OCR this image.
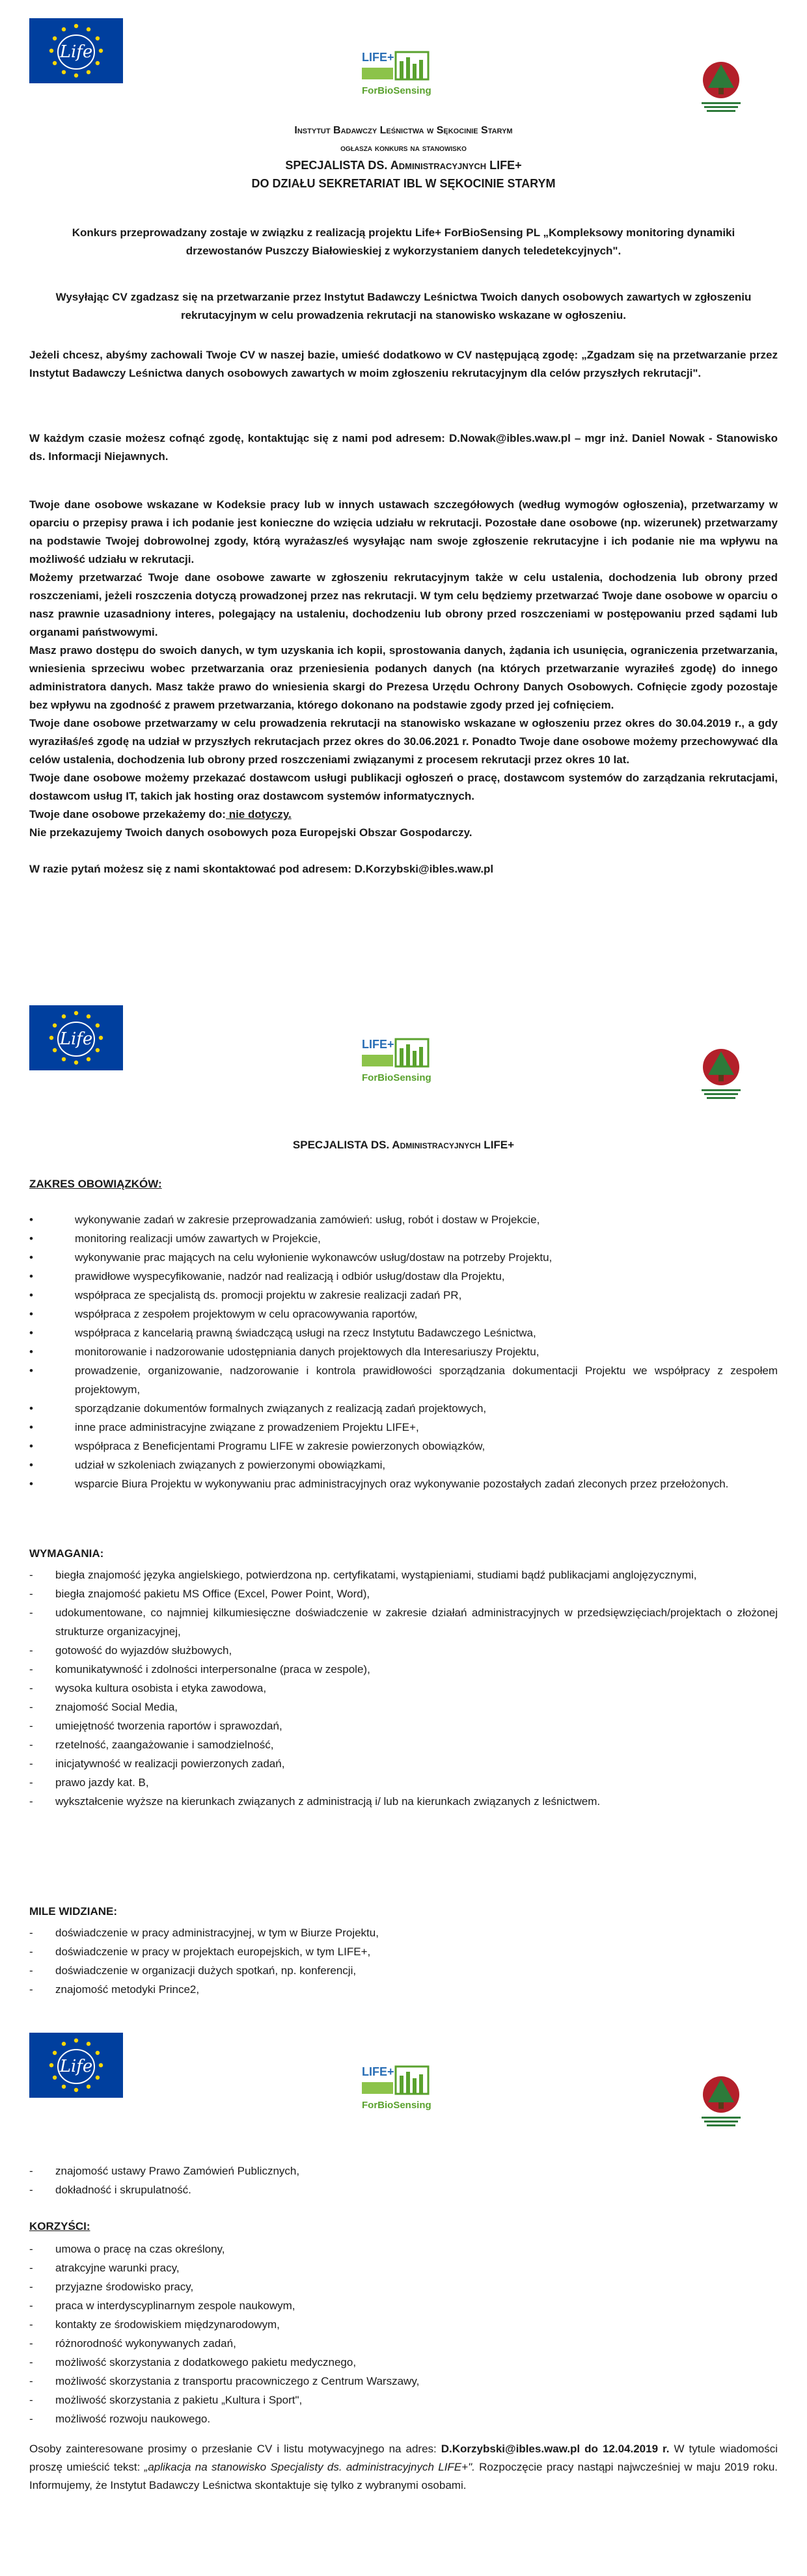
Life	LIFE+
ForBioSensing
Instytut Badawczy Leśnictwa w Sękocinie Starym
ogłasza konkurs na stanowisko
SPECJALISTA DS. Administracyjnych LIFE+
DO DZIAŁU SEKRETARIAT IBL W SĘKOCINIE STARYM
Konkurs przeprowadzany zostaje w związku z realizacją projektu Life+ ForBioSensing PL „Kompleksowy monitoring dynamiki drzewostanów Puszczy Białowieskiej z wykorzystaniem danych teledetekcyjnych".
Wysyłając CV zgadzasz się na przetwarzanie przez Instytut Badawczy Leśnictwa Twoich danych osobowych zawartych w zgłoszeniu rekrutacyjnym w celu prowadzenia rekrutacji na stanowisko wskazane w ogłoszeniu.
Jeżeli chcesz, abyśmy zachowali Twoje CV w naszej bazie, umieść dodatkowo w CV następującą zgodę: „Zgadzam się na przetwarzanie przez Instytut Badawczy Leśnictwa danych osobowych zawartych w moim zgłoszeniu rekrutacyjnym dla celów przyszłych rekrutacji".
W każdym czasie możesz cofnąć zgodę, kontaktując się z nami pod adresem: D.Nowak@ibles.waw.pl – mgr inż. Daniel Nowak - Stanowisko ds. Informacji Niejawnych.
Twoje dane osobowe wskazane w Kodeksie pracy lub w innych ustawach szczegółowych (według wymogów ogłoszenia), przetwarzamy w oparciu o przepisy prawa i ich podanie jest konieczne do wzięcia udziału w rekrutacji. Pozostałe dane osobowe (np. wizerunek) przetwarzamy na podstawie Twojej dobrowolnej zgody, którą wyrażasz/eś wysyłając nam swoje zgłoszenie rekrutacyjne i ich podanie nie ma wpływu na możliwość udziału w rekrutacji.
Możemy przetwarzać Twoje dane osobowe zawarte w zgłoszeniu rekrutacyjnym także w celu ustalenia, dochodzenia lub obrony przed roszczeniami, jeżeli roszczenia dotyczą prowadzonej przez nas rekrutacji. W tym celu będziemy przetwarzać Twoje dane osobowe w oparciu o nasz prawnie uzasadniony interes, polegający na ustaleniu, dochodzeniu lub obrony przed roszczeniami w postępowaniu przed sądami lub organami państwowymi.
Masz prawo dostępu do swoich danych, w tym uzyskania ich kopii, sprostowania danych, żądania ich usunięcia, ograniczenia przetwarzania, wniesienia sprzeciwu wobec przetwarzania oraz przeniesienia podanych danych (na których przetwarzanie wyraziłeś zgodę) do innego administratora danych. Masz także prawo do wniesienia skargi do Prezesa Urzędu Ochrony Danych Osobowych. Cofnięcie zgody pozostaje bez wpływu na zgodność z prawem przetwarzania, którego dokonano na podstawie zgody przed jej cofnięciem.
Twoje dane osobowe przetwarzamy w celu prowadzenia rekrutacji na stanowisko wskazane w ogłoszeniu przez okres do 30.04.2019 r., a gdy wyraziłaś/eś zgodę na udział w przyszłych rekrutacjach przez okres do 30.06.2021 r. Ponadto Twoje dane osobowe możemy przechowywać dla celów ustalenia, dochodzenia lub obrony przed roszczeniami związanymi z procesem rekrutacji przez okres 10 lat.
Twoje dane osobowe możemy przekazać dostawcom usługi publikacji ogłoszeń o pracę, dostawcom systemów do zarządzania rekrutacjami, dostawcom usług IT, takich jak hosting oraz dostawcom systemów informatycznych.
Twoje dane osobowe przekażemy do: nie dotyczy.
Nie przekazujemy Twoich danych osobowych poza Europejski Obszar Gospodarczy.
W razie pytań możesz się z nami skontaktować pod adresem: D.Korzybski@ibles.waw.pl
Life	LIFE+
ForBioSensing
SPECJALISTA DS. Administracyjnych LIFE+
ZAKRES OBOWIĄZKÓW:
•	wykonywanie zadań w zakresie przeprowadzania zamówień: usług, robót i dostaw w Projekcie,
•	monitoring realizacji umów zawartych w Projekcie,
•	wykonywanie prac mających na celu wyłonienie wykonawców usług/dostaw na potrzeby Projektu,
•	prawidłowe wyspecyfikowanie, nadzór nad realizacją i odbiór usług/dostaw dla Projektu,
•	współpraca ze specjalistą ds. promocji projektu w zakresie realizacji zadań PR,
•	współpraca z zespołem projektowym w celu opracowywania raportów,
•	współpraca z kancelarią prawną świadczącą usługi na rzecz Instytutu Badawczego Leśnictwa,
•	monitorowanie i nadzorowanie udostępniania danych projektowych dla Interesariuszy Projektu,
•	prowadzenie, organizowanie, nadzorowanie i kontrola prawidłowości sporządzania dokumentacji Projektu we współpracy z zespołem projektowym,
•	sporządzanie dokumentów formalnych związanych z realizacją zadań projektowych,
•	inne prace administracyjne związane z prowadzeniem Projektu LIFE+,
•	współpraca z Beneficjentami Programu LIFE w zakresie powierzonych obowiązków,
•	udział w szkoleniach związanych z powierzonymi obowiązkami,
•	wsparcie Biura Projektu w wykonywaniu prac administracyjnych oraz wykonywanie pozostałych zadań zleconych przez przełożonych.
WYMAGANIA:
- biegła znajomość języka angielskiego, potwierdzona np. certyfikatami, wystąpieniami, studiami bądź publikacjami anglojęzycznymi,
- biegła znajomość pakietu MS Office (Excel, Power Point, Word),
- udokumentowane, co najmniej kilkumiesięczne doświadczenie w zakresie działań administracyjnych w przedsięwzięciach/projektach o złożonej strukturze organizacyjnej,
- gotowość do wyjazdów służbowych,
- komunikatywność i zdolności interpersonalne (praca w zespole),
- wysoka kultura osobista i etyka zawodowa,
- znajomość Social Media,
- umiejętność tworzenia raportów i sprawozdań,
- rzetelność, zaangażowanie i samodzielność,
- inicjatywność w realizacji powierzonych zadań,
- prawo jazdy kat. B,
- wykształcenie wyższe na kierunkach związanych z administracją i/ lub na kierunkach związanych z leśnictwem.
MILE WIDZIANE:
- doświadczenie w pracy administracyjnej, w tym w Biurze Projektu,
- doświadczenie w pracy w projektach europejskich, w tym LIFE+,
- doświadczenie w organizacji dużych spotkań, np. konferencji,
- znajomość metodyki Prince2,
Life	LIFE+
ForBioSensing
- znajomość ustawy Prawo Zamówień Publicznych,
- dokładność i skrupulatność.
KORZYŚCI:
- umowa o pracę na czas określony,
- atrakcyjne warunki pracy,
- przyjazne środowisko pracy,
- praca w interdyscyplinarnym zespole naukowym,
- kontakty ze środowiskiem międzynarodowym,
- różnorodność wykonywanych zadań,
- możliwość skorzystania z dodatkowego pakietu medycznego,
- możliwość skorzystania z transportu pracowniczego z Centrum Warszawy,
- możliwość skorzystania z pakietu „Kultura i Sport",
- możliwość rozwoju naukowego.
Osoby zainteresowane prosimy o przesłanie CV i listu motywacyjnego na adres: D.Korzybski@ibles.waw.pl do 12.04.2019 r. W tytule wiadomości proszę umieścić tekst: „aplikacja na stanowisko Specjalisty ds. administracyjnych LIFE+". Rozpoczęcie pracy nastąpi najwcześniej w maju 2019 roku. Informujemy, że Instytut Badawczy Leśnictwa skontaktuje się tylko z wybranymi osobami.
